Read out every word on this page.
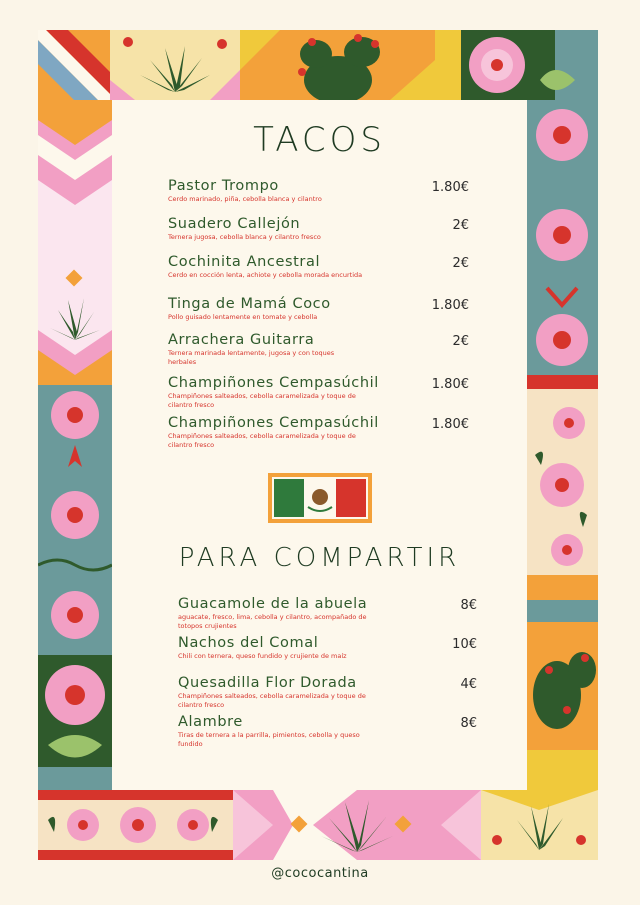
TACOS
Pastor Trompo
Cerdo marinado, piña, cebolla blanca y cilantro
1.80€
Suadero Callejón
Ternera jugosa, cebolla blanca y cilantro fresco
2€
Cochinita Ancestral
Cerdo en cocción lenta, achiote y cebolla morada encurtida
2€
Tinga de Mamá Coco
Pollo guisado lentamente en tomate y cebolla
1.80€
Arrachera Guitarra
Ternera marinada lentamente, jugosa y con toques herbales
2€
Champiñones Cempasúchil
Champiñones salteados, cebolla caramelizada y toque de cilantro fresco
1.80€
Champiñones Cempasúchil
Champiñones salteados, cebolla caramelizada y toque de cilantro fresco
1.80€
PARA COMPARTIR
Guacamole de la abuela
aguacate, fresco, lima, cebolla y cilantro, acompañado de totopos crujientes
8€
Nachos del Comal
Chili con ternera, queso fundido y crujiente de maíz
10€
Quesadilla Flor Dorada
Champiñones salteados, cebolla caramelizada y toque de cilantro fresco
4€
Alambre
Tiras de ternera a la parrilla, pimientos, cebolla y queso fundido
8€
@cococantina
